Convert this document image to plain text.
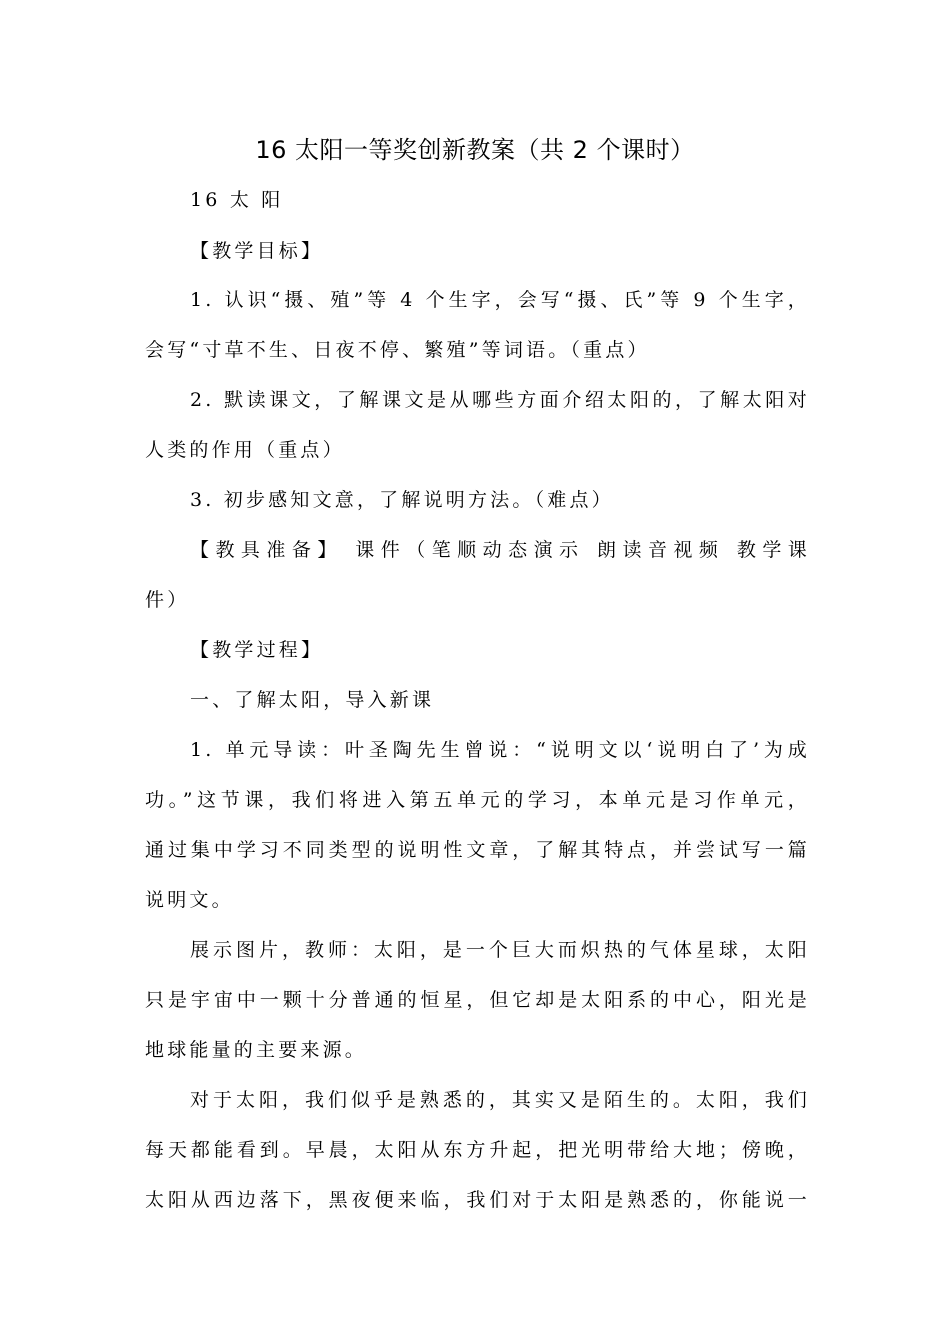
16 太阳一等奖创新教案（共 2 个课时）
16 太 阳
【教学目标】
1. 认识“摄、殖”等 4 个生字，会写“摄、氏”等 9 个生字，
会写“寸草不生、日夜不停、繁殖”等词语。（重点）
2. 默读课文，了解课文是从哪些方面介绍太阳的，了解太阳对
人类的作用（重点）
3. 初步感知文意，了解说明方法。（难点）
【教具准备】 课件（笔顺动态演示 朗读音视频 教学课
件）
【教学过程】
一、了解太阳，导入新课
1. 单元导读：叶圣陶先生曾说：“说明文以‘说明白了’为成
功。”这节课，我们将进入第五单元的学习，本单元是习作单元，
通过集中学习不同类型的说明性文章，了解其特点，并尝试写一篇
说明文。
展示图片，教师：太阳，是一个巨大而炽热的气体星球，太阳
只是宇宙中一颗十分普通的恒星，但它却是太阳系的中心，阳光是
地球能量的主要来源。
对于太阳，我们似乎是熟悉的，其实又是陌生的。太阳，我们
每天都能看到。早晨，太阳从东方升起，把光明带给大地；傍晚，
太阳从西边落下，黑夜便来临，我们对于太阳是熟悉的，你能说一
